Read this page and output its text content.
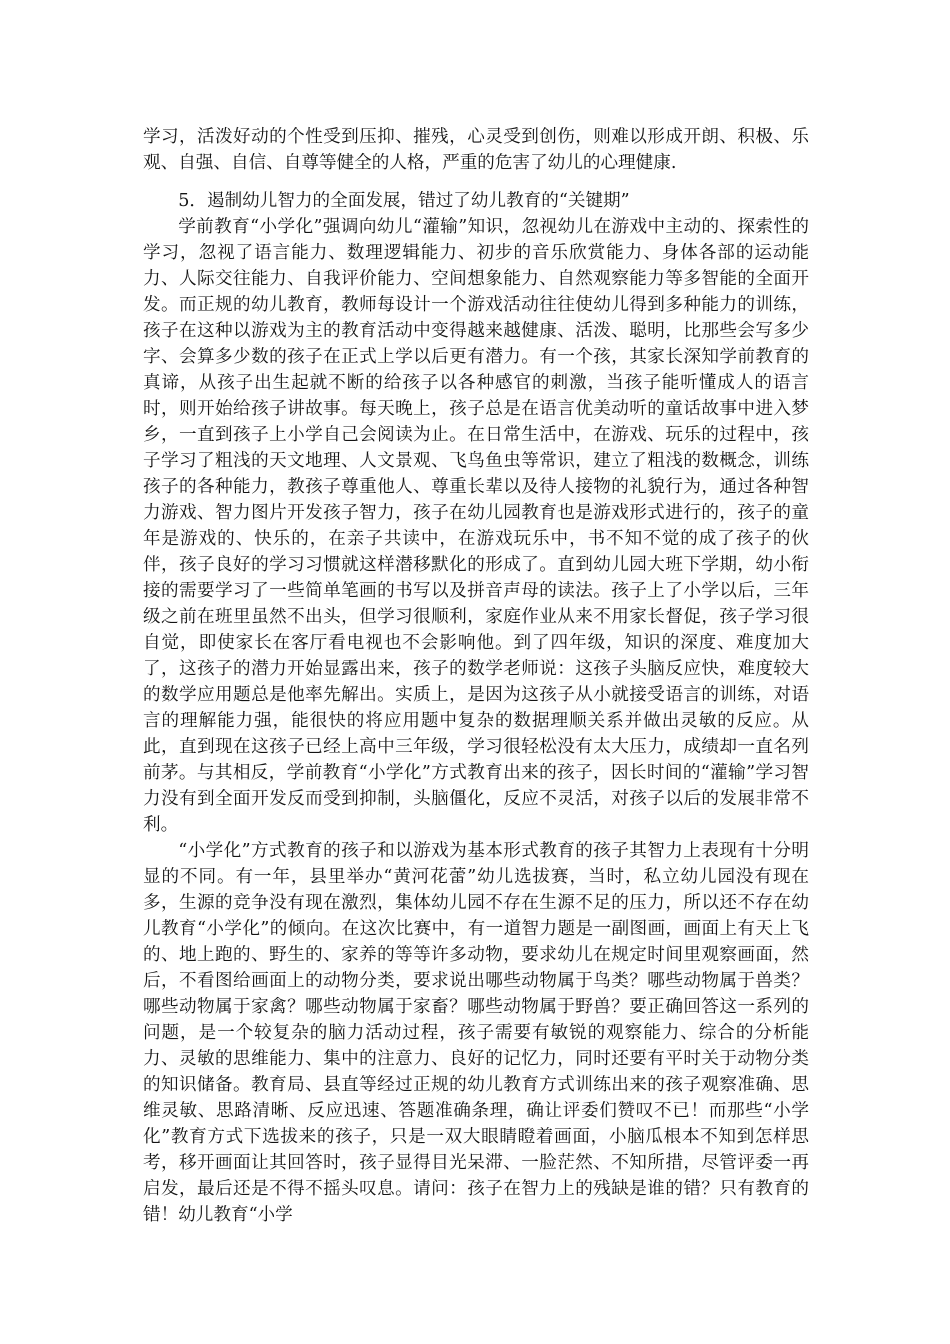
学习，活泼好动的个性受到压抑、摧残，心灵受到创伤，则难以形成开朗、积极、乐观、自强、自信、自尊等健全的人格，严重的危害了幼儿的心理健康.

5．遏制幼儿智力的全面发展，错过了幼儿教育的“关键期”

学前教育“小学化”强调向幼儿“灌输”知识，忽视幼儿在游戏中主动的、探索性的学习，忽视了语言能力、数理逻辑能力、初步的音乐欣赏能力、身体各部的运动能力、人际交往能力、自我评价能力、空间想象能力、自然观察能力等多智能的全面开发。而正规的幼儿教育，教师每设计一个游戏活动往往使幼儿得到多种能力的训练，孩子在这种以游戏为主的教育活动中变得越来越健康、活泼、聪明，比那些会写多少字、会算多少数的孩子在正式上学以后更有潜力。有一个孩，其家长深知学前教育的真谛，从孩子出生起就不断的给孩子以各种感官的刺激，当孩子能听懂成人的语言时，则开始给孩子讲故事。每天晚上，孩子总是在语言优美动听的童话故事中进入梦乡，一直到孩子上小学自己会阅读为止。在日常生活中，在游戏、玩乐的过程中，孩子学习了粗浅的天文地理、人文景观、飞鸟鱼虫等常识，建立了粗浅的数概念，训练孩子的各种能力，教孩子尊重他人、尊重长辈以及待人接物的礼貌行为，通过各种智力游戏、智力图片开发孩子智力，孩子在幼儿园教育也是游戏形式进行的，孩子的童年是游戏的、快乐的，在亲子共读中，在游戏玩乐中，书不知不觉的成了孩子的伙伴，孩子良好的学习习惯就这样潜移默化的形成了。直到幼儿园大班下学期，幼小衔接的需要学习了一些简单笔画的书写以及拼音声母的读法。孩子上了小学以后，三年级之前在班里虽然不出头，但学习很顺利，家庭作业从来不用家长督促，孩子学习很自觉，即使家长在客厅看电视也不会影响他。到了四年级，知识的深度、难度加大了，这孩子的潜力开始显露出来，孩子的数学老师说：这孩子头脑反应快，难度较大的数学应用题总是他率先解出。实质上，是因为这孩子从小就接受语言的训练，对语言的理解能力强，能很快的将应用题中复杂的数据理顺关系并做出灵敏的反应。从此，直到现在这孩子已经上高中三年级，学习很轻松没有太大压力，成绩却一直名列前茅。与其相反，学前教育“小学化”方式教育出来的孩子，因长时间的“灌输”学习智力没有到全面开发反而受到抑制，头脑僵化，反应不灵活，对孩子以后的发展非常不利。

“小学化”方式教育的孩子和以游戏为基本形式教育的孩子其智力上表现有十分明显的不同。有一年，县里举办“黄河花蕾”幼儿选拔赛，当时，私立幼儿园没有现在多，生源的竞争没有现在激烈，集体幼儿园不存在生源不足的压力，所以还不存在幼儿教育“小学化”的倾向。在这次比赛中，有一道智力题是一副图画，画面上有天上飞的、地上跑的、野生的、家养的等等许多动物，要求幼儿在规定时间里观察画面，然后，不看图给画面上的动物分类，要求说出哪些动物属于鸟类？哪些动物属于兽类？哪些动物属于家禽？哪些动物属于家畜？哪些动物属于野兽？要正确回答这一系列的问题，是一个较复杂的脑力活动过程，孩子需要有敏锐的观察能力、综合的分析能力、灵敏的思维能力、集中的注意力、良好的记忆力，同时还要有平时关于动物分类的知识储备。教育局、县直等经过正规的幼儿教育方式训练出来的孩子观察准确、思维灵敏、思路清晰、反应迅速、答题准确条理，确让评委们赞叹不已！而那些“小学化”教育方式下选拔来的孩子，只是一双大眼睛瞪着画面，小脑瓜根本不知到怎样思考，移开画面让其回答时，孩子显得目光呆滞、一脸茫然、不知所措，尽管评委一再启发，最后还是不得不摇头叹息。请问：孩子在智力上的残缺是谁的错？只有教育的错！幼儿教育“小学
